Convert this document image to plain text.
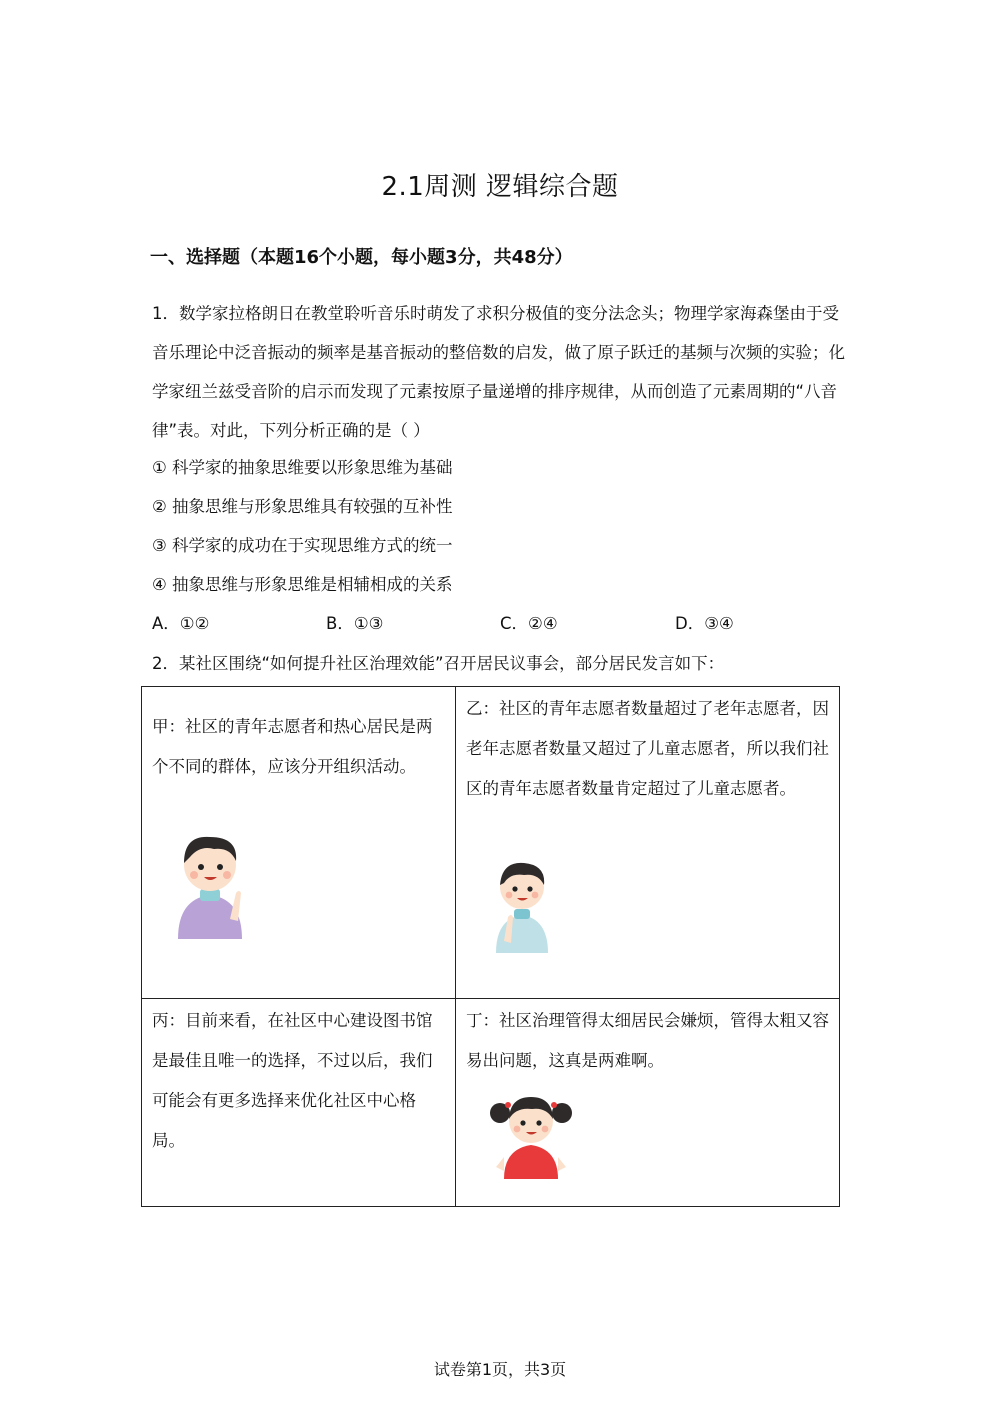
2.1周测 逻辑综合题
一、选择题（本题16个小题，每小题3分，共48分）
1．数学家拉格朗日在教堂聆听音乐时萌发了求积分极值的变分法念头；物理学家海森堡由于受音乐理论中泛音振动的频率是基音振动的整倍数的启发，做了原子跃迁的基频与次频的实验；化学家纽兰兹受音阶的启示而发现了元素按原子量递增的排序规律，从而创造了元素周期的“八音律”表。对此，下列分析正确的是（ ）
① 科学家的抽象思维要以形象思维为基础
② 抽象思维与形象思维具有较强的互补性
③ 科学家的成功在于实现思维方式的统一
④ 抽象思维与形象思维是相辅相成的关系
A．①②	B．①③	C．②④	D．③④
2．某社区围绕“如何提升社区治理效能”召开居民议事会，部分居民发言如下：
甲：社区的青年志愿者和热心居民是两个不同的群体，应该分开组织活动。	乙：社区的青年志愿者数量超过了老年志愿者，因老年志愿者数量又超过了儿童志愿者，所以我们社区的青年志愿者数量肯定超过了儿童志愿者。

丙：目前来看，在社区中心建设图书馆是最佳且唯一的选择，不过以后，我们可能会有更多选择来优化社区中心格局。	丁：社区治理管得太细居民会嫌烦，管得太粗又容易出问题，这真是两难啊。
试卷第1页，共3页
